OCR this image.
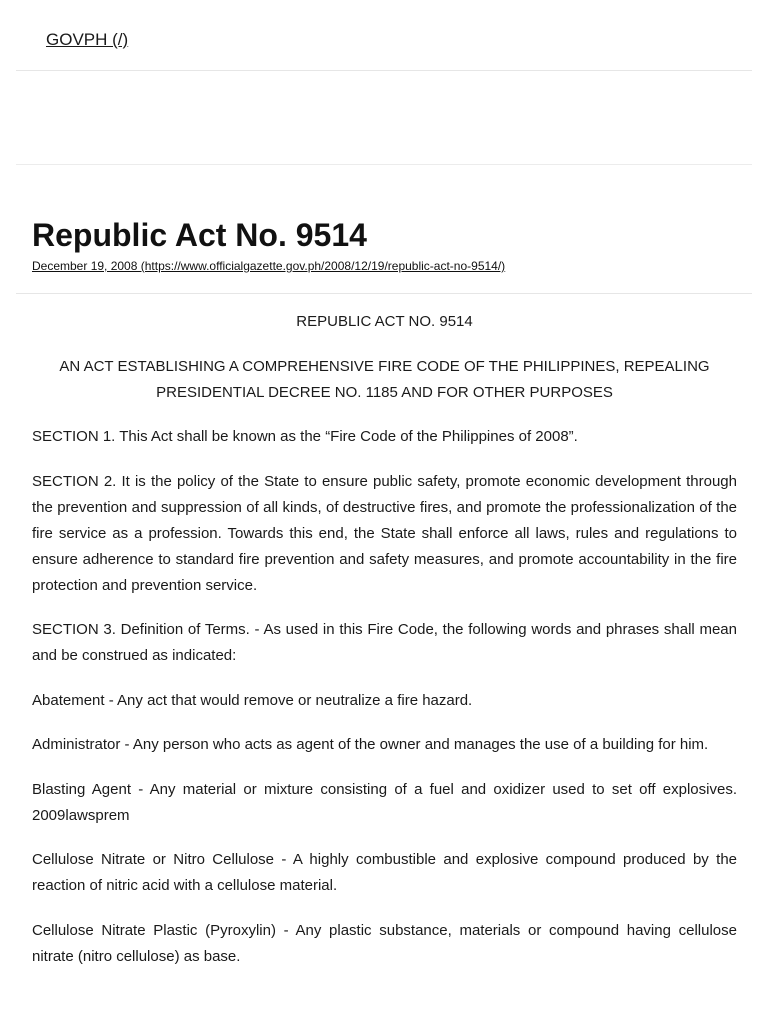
GOVPH (/)
Republic Act No. 9514
December 19, 2008 (https://www.officialgazette.gov.ph/2008/12/19/republic-act-no-9514/)

REPUBLIC ACT NO. 9514

AN ACT ESTABLISHING A COMPREHENSIVE FIRE CODE OF THE PHILIPPINES, REPEALING PRESIDENTIAL DECREE NO. 1185 AND FOR OTHER PURPOSES

SECTION 1. This Act shall be known as the “Fire Code of the Philippines of 2008”.

SECTION 2. It is the policy of the State to ensure public safety, promote economic development through the prevention and suppression of all kinds, of destructive fires, and promote the professionalization of the fire service as a profession. Towards this end, the State shall enforce all laws, rules and regulations to ensure adherence to standard fire prevention and safety measures, and promote accountability in the fire protection and prevention service.

SECTION 3. Definition of Terms. - As used in this Fire Code, the following words and phrases shall mean and be construed as indicated:

Abatement - Any act that would remove or neutralize a fire hazard.

Administrator - Any person who acts as agent of the owner and manages the use of a building for him.

Blasting Agent - Any material or mixture consisting of a fuel and oxidizer used to set off explosives. 2009lawsprem

Cellulose Nitrate or Nitro Cellulose - A highly combustible and explosive compound produced by the reaction of nitric acid with a cellulose material.

Cellulose Nitrate Plastic (Pyroxylin) - Any plastic substance, materials or compound having cellulose nitrate (nitro cellulose) as base.
